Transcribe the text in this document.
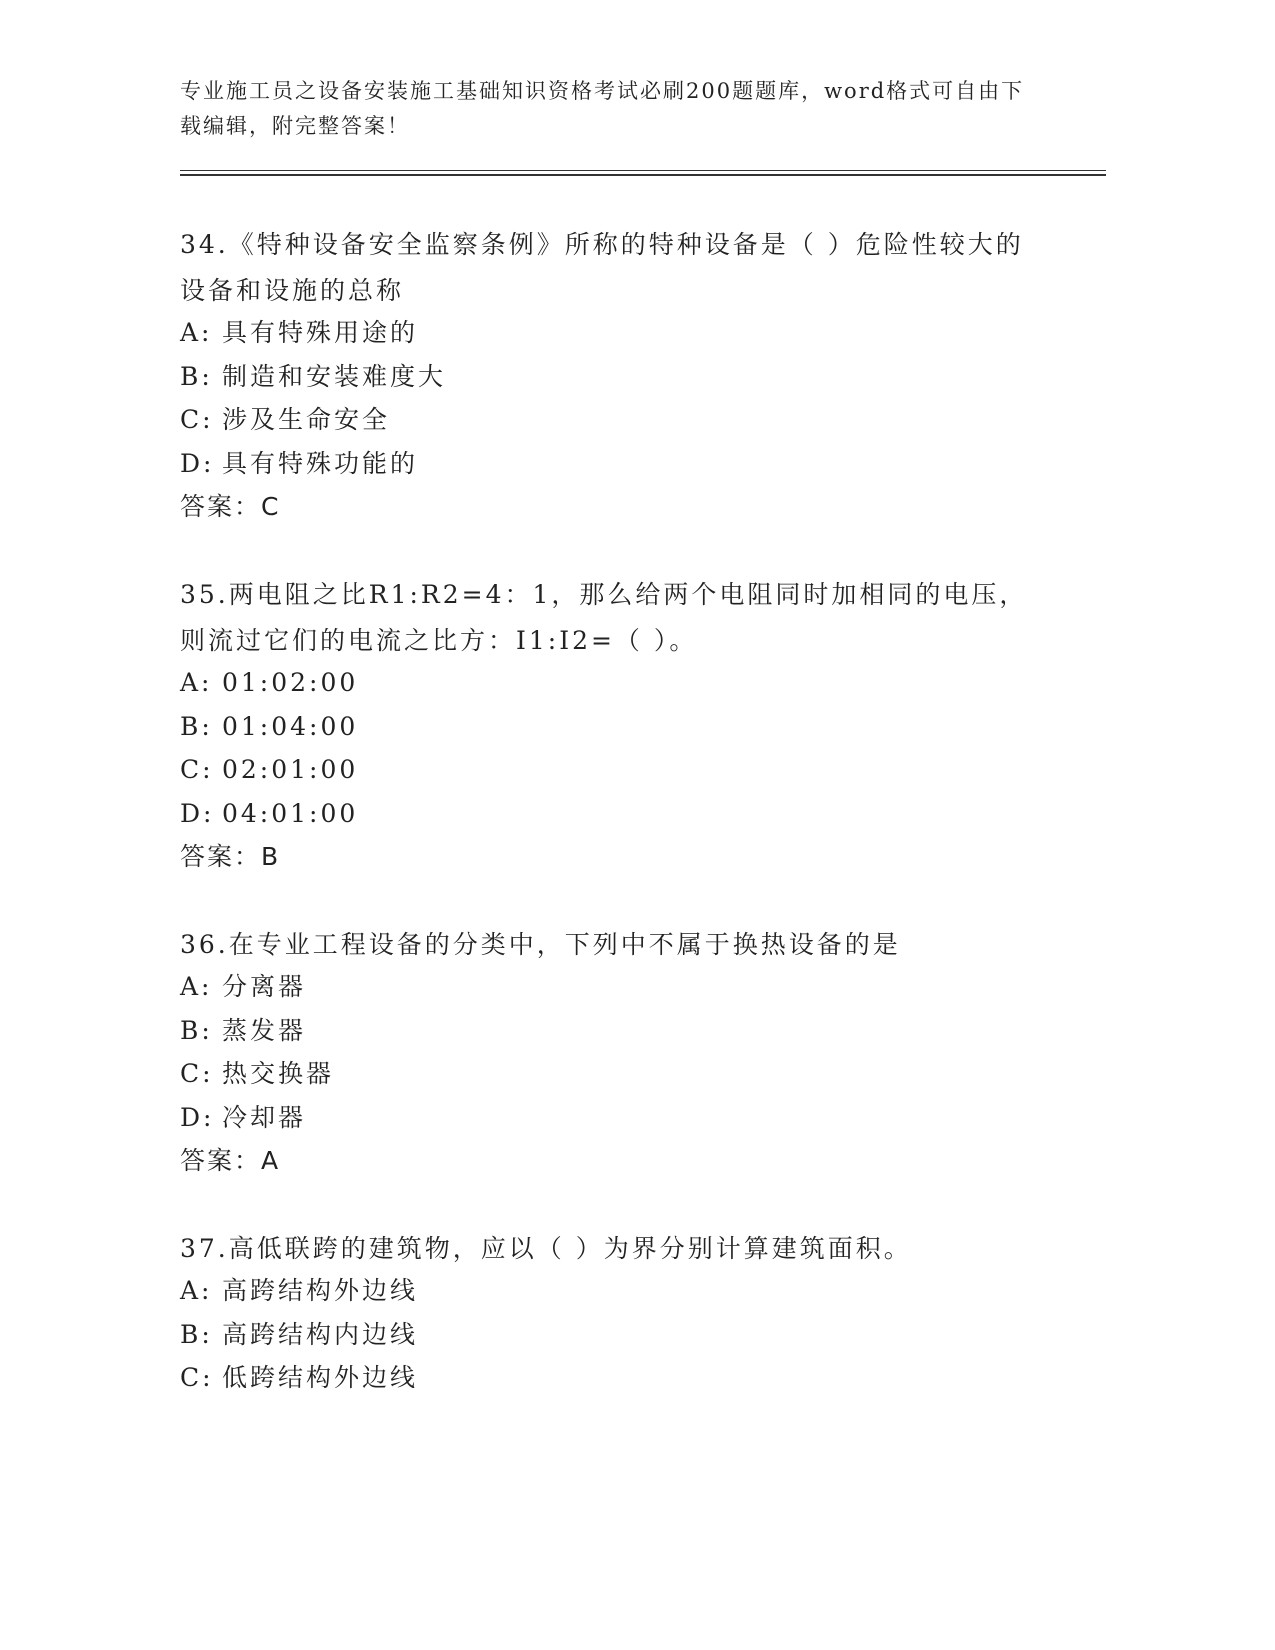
专业施工员之设备安装施工基础知识资格考试必刷200题题库，word格式可自由下载编辑，附完整答案！
34.《特种设备安全监察条例》所称的特种设备是（ ）危险性较大的设备和设施的总称
A: 具有特殊用途的
B: 制造和安装难度大
C: 涉及生命安全
D: 具有特殊功能的
答案：C
35.两电阻之比R1:R2=4：1，那么给两个电阻同时加相同的电压，则流过它们的电流之比方：I1:I2=（ ）。
A: 01:02:00
B: 01:04:00
C: 02:01:00
D: 04:01:00
答案：B
36.在专业工程设备的分类中，下列中不属于换热设备的是
A: 分离器
B: 蒸发器
C: 热交换器
D: 冷却器
答案：A
37.高低联跨的建筑物，应以（ ）为界分别计算建筑面积。
A: 高跨结构外边线
B: 高跨结构内边线
C: 低跨结构外边线
